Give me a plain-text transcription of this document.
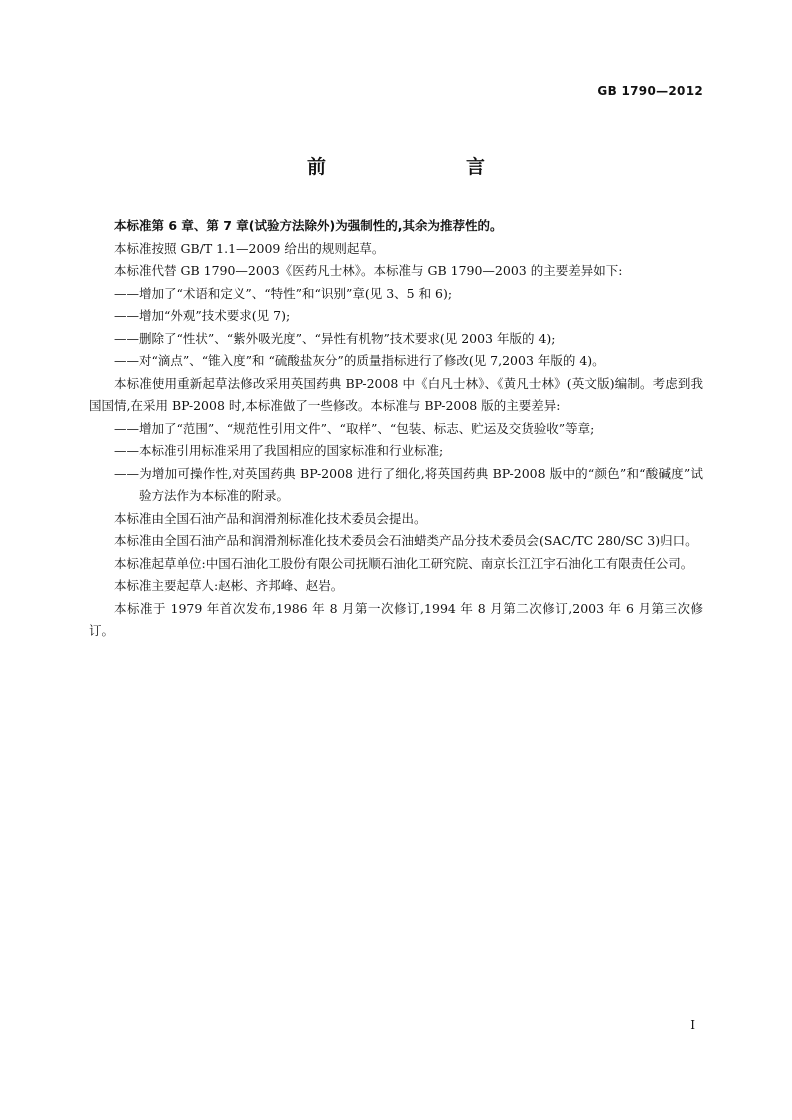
GB 1790—2012
前　　言

本标准第 6 章、第 7 章(试验方法除外)为强制性的,其余为推荐性的。

本标准按照 GB/T 1.1—2009 给出的规则起草。

本标准代替 GB 1790—2003《医药凡士林》。本标准与 GB 1790—2003 的主要差异如下:

——增加了“术语和定义”、“特性”和“识别”章(见 3、5 和 6);

——增加“外观”技术要求(见 7);

——删除了“性状”、“紫外吸光度”、“异性有机物”技术要求(见 2003 年版的 4);

——对“滴点”、“锥入度”和 “硫酸盐灰分”的质量指标进行了修改(见 7,2003 年版的 4)。

本标准使用重新起草法修改采用英国药典 BP-2008 中《白凡士林》、《黄凡士林》(英文版)编制。考虑到我国国情,在采用 BP-2008 时,本标准做了一些修改。本标准与 BP-2008 版的主要差异:

——增加了“范围”、“规范性引用文件”、“取样”、“包装、标志、贮运及交货验收”等章;

——本标准引用标准采用了我国相应的国家标准和行业标准;

——为增加可操作性,对英国药典 BP-2008 进行了细化,将英国药典 BP-2008 版中的“颜色”和“酸碱度”试验方法作为本标准的附录。

本标准由全国石油产品和润滑剂标准化技术委员会提出。

本标准由全国石油产品和润滑剂标准化技术委员会石油蜡类产品分技术委员会(SAC/TC 280/SC 3)归口。

本标准起草单位:中国石油化工股份有限公司抚顺石油化工研究院、南京长江江宇石油化工有限责任公司。

本标准主要起草人:赵彬、齐邦峰、赵岩。

本标准于 1979 年首次发布,1986 年 8 月第一次修订,1994 年 8 月第二次修订,2003 年 6 月第三次修订。

I
